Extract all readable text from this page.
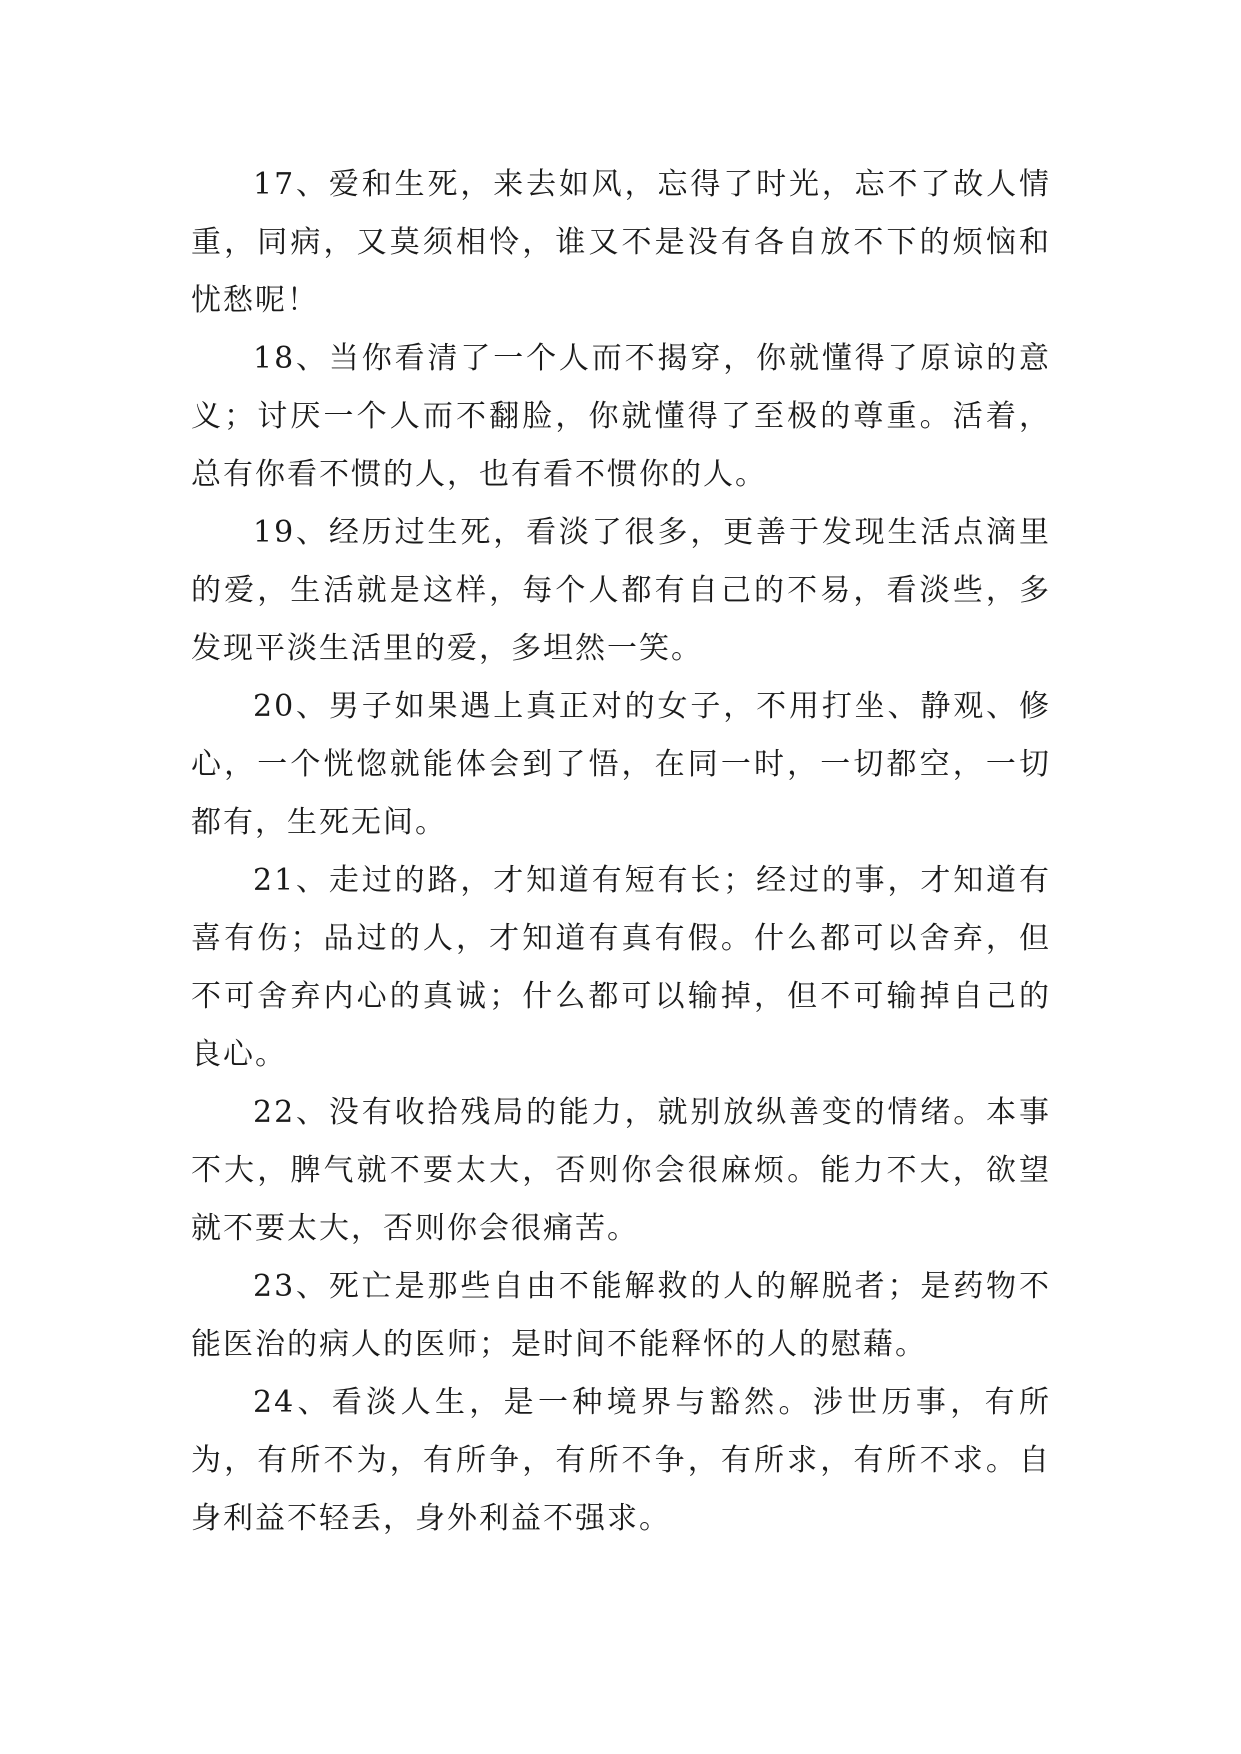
17、爱和生死，来去如风，忘得了时光，忘不了故人情重，同病，又莫须相怜，谁又不是没有各自放不下的烦恼和忧愁呢！

18、当你看清了一个人而不揭穿，你就懂得了原谅的意义；讨厌一个人而不翻脸，你就懂得了至极的尊重。活着，总有你看不惯的人，也有看不惯你的人。

19、经历过生死，看淡了很多，更善于发现生活点滴里的爱，生活就是这样，每个人都有自己的不易，看淡些，多发现平淡生活里的爱，多坦然一笑。

20、男子如果遇上真正对的女子，不用打坐、静观、修心，一个恍惚就能体会到了悟，在同一时，一切都空，一切都有，生死无间。

21、走过的路，才知道有短有长；经过的事，才知道有喜有伤；品过的人，才知道有真有假。什么都可以舍弃，但不可舍弃内心的真诚；什么都可以输掉，但不可输掉自己的良心。

22、没有收拾残局的能力，就别放纵善变的情绪。本事不大，脾气就不要太大，否则你会很麻烦。能力不大，欲望就不要太大，否则你会很痛苦。

23、死亡是那些自由不能解救的人的解脱者；是药物不能医治的病人的医师；是时间不能释怀的人的慰藉。

24、看淡人生，是一种境界与豁然。涉世历事，有所为，有所不为，有所争，有所不争，有所求，有所不求。自身利益不轻丢，身外利益不强求。
